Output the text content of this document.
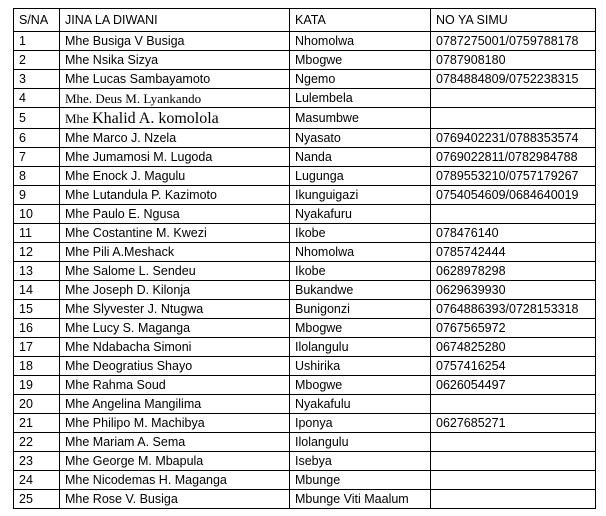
S/NA	JINA LA DIWANI	KATA	NO YA SIMU
1	Mhe Busiga V Busiga	Nhomolwa	0787275001/0759788178
2	Mhe Nsika Sizya	Mbogwe	0787908180
3	Mhe Lucas Sambayamoto	Ngemo	0784884809/0752238315
4	Mhe. Deus M. Lyankando	Lulembela	
5	Mhe Khalid A. komolola	Masumbwe	
6	Mhe Marco J. Nzela	Nyasato	0769402231/0788353574
7	Mhe Jumamosi M. Lugoda	Nanda	0769022811/0782984788
8	Mhe Enock J. Magulu	Lugunga	0789553210/0757179267
9	Mhe Lutandula P. Kazimoto	Ikunguigazi	0754054609/0684640019
10	Mhe Paulo E. Ngusa	Nyakafuru	
11	Mhe Costantine M. Kwezi	Ikobe	078476140
12	Mhe Pili A.Meshack	Nhomolwa	0785742444
13	Mhe Salome L. Sendeu	Ikobe	0628978298
14	Mhe Joseph D. Kilonja	Bukandwe	0629639930
15	Mhe Slyvester J. Ntugwa	Bunigonzi	0764886393/0728153318
16	Mhe Lucy S. Maganga	Mbogwe	0767565972
17	Mhe Ndabacha Simoni	Ilolangulu	0674825280
18	Mhe Deogratius Shayo	Ushirika	0757416254
19	Mhe Rahma Soud	Mbogwe	0626054497
20	Mhe Angelina Mangilima	Nyakafulu	
21	Mhe Philipo M. Machibya	Iponya	0627685271
22	Mhe Mariam A. Sema	Ilolangulu	
23	Mhe George M. Mbapula	Isebya	
24	Mhe Nicodemas H. Maganga	Mbunge	
25	Mhe Rose V. Busiga	Mbunge Viti Maalum	
